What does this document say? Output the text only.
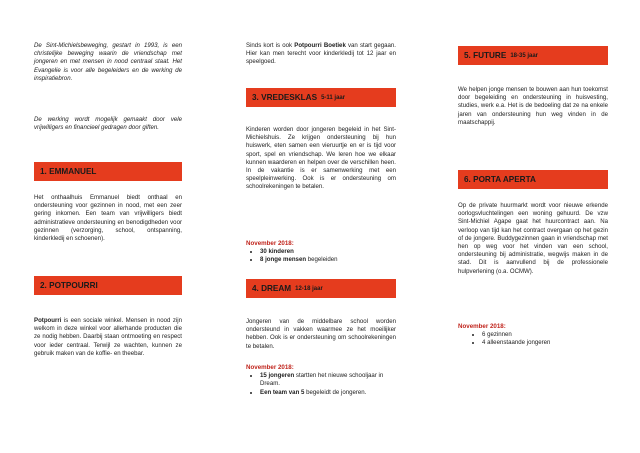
De Sint-Michielsbeweging, gestart in 1993, is een christelijke beweging waarin de vriendschap met jongeren en met mensen in nood centraal staat. Het Evangelie is voor alle begeleiders en de werking de inspiratiebron.

De werking wordt mogelijk gemaakt door vele vrijwilligers en financieel gedragen door giften.

1. EMMANUEL

Het onthaalhuis Emmanuel biedt onthaal en ondersteuning voor gezinnen in nood, met een zeer gering inkomen. Een team van vrijwilligers biedt administratieve ondersteuning en benodigdheden voor gezinnen (verzorging, school, ontspanning, kinderkledij en schoenen).

2. POTPOURRI

Potpourri is een sociale winkel. Mensen in nood zijn welkom in deze winkel voor allerhande producten die ze nodig hebben. Daarbij staan ontmoeting en respect voor ieder centraal. Terwijl ze wachten, kunnen ze gebruik maken van de koffie- en theebar.

Sinds kort is ook Potpourri Boetiek van start gegaan. Hier kan men terecht voor kinderkledij tot 12 jaar en speelgoed.

3. VREDESKLAS 5-11 jaar

Kinderen worden door jongeren begeleid in het Sint-Michielshuis. Ze krijgen ondersteuning bij hun huiswerk, eten samen een vieruurtje en er is tijd voor sport, spel en vriendschap. We leren hoe we elkaar kunnen waarderen en helpen over de verschillen heen. In de vakantie is er samenwerking met een speelpleinwerking. Ook is er ondersteuning om schoolrekeningen te betalen.

November 2018:

• 30 kinderen
• 8 jonge mensen begeleiden
4. DREAM 12-18 jaar

Jongeren van de middelbare school worden ondersteund in vakken waarmee ze het moeilijker hebben. Ook is er ondersteuning om schoolrekeningen te betalen.

November 2018:

• 15 jongeren startten het nieuwe schooljaar in Dream.
• Een team van 5 begeleidt de jongeren.
5. FUTURE 18-35 jaar

We helpen jonge mensen te bouwen aan hun toekomst door begeleiding en ondersteuning in huisvesting, studies, werk e.a. Het is de bedoeling dat ze na enkele jaren van ondersteuning hun weg vinden in de maatschappij.

6. PORTA APERTA

Op de private huurmarkt wordt voor nieuwe erkende oorlogsvluchtelingen een woning gehuurd. De vzw Sint-Michiel Agape gaat het huurcontract aan. Na verloop van tijd kan het contract overgaan op het gezin of de jongere. Buddygezinnen gaan in vriendschap met hen op weg voor het vinden van een school, ondersteuning bij administratie, wegwijs maken in de stad. Dit is aanvullend bij de professionele hulpverlening (o.a. OCMW).

November 2018:

• 6 gezinnen
• 4 alleenstaande jongeren
